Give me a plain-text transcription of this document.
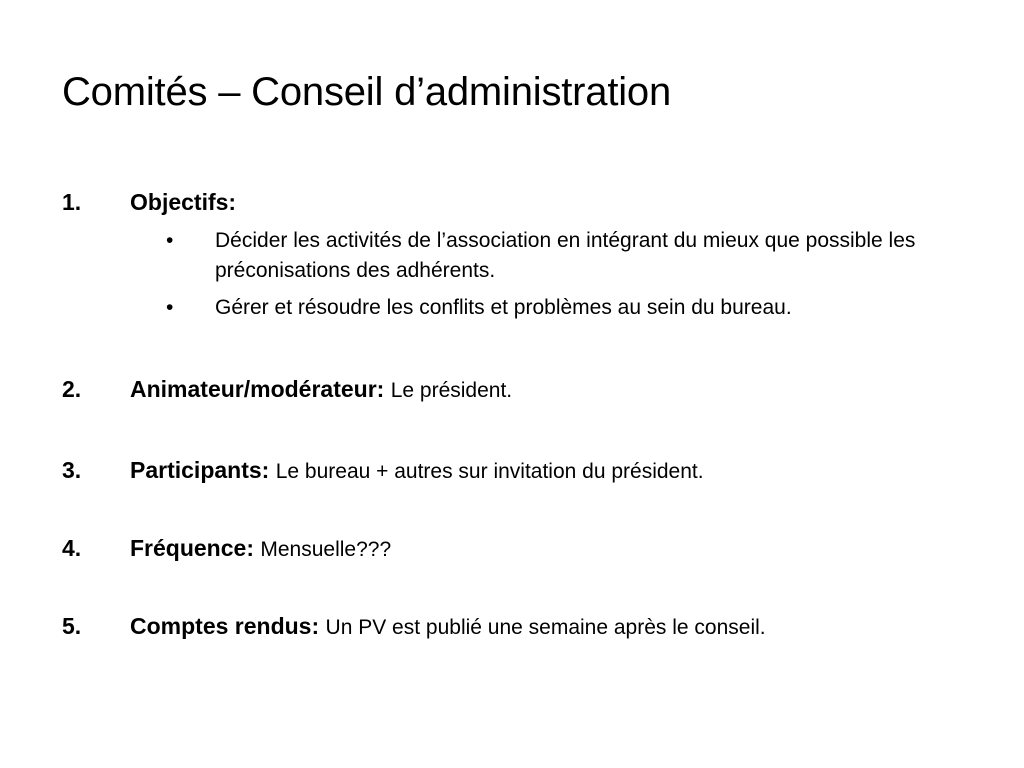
Comités – Conseil d’administration
1. Objectifs:
• Décider les activités de l’association en intégrant du mieux que possible les préconisations des adhérents.
• Gérer et résoudre les conflits et problèmes au sein du bureau.
2. Animateur/modérateur: Le président.
3. Participants: Le bureau + autres sur invitation du président.
4. Fréquence: Mensuelle???
5. Comptes rendus: Un PV est publié une semaine après le conseil.
